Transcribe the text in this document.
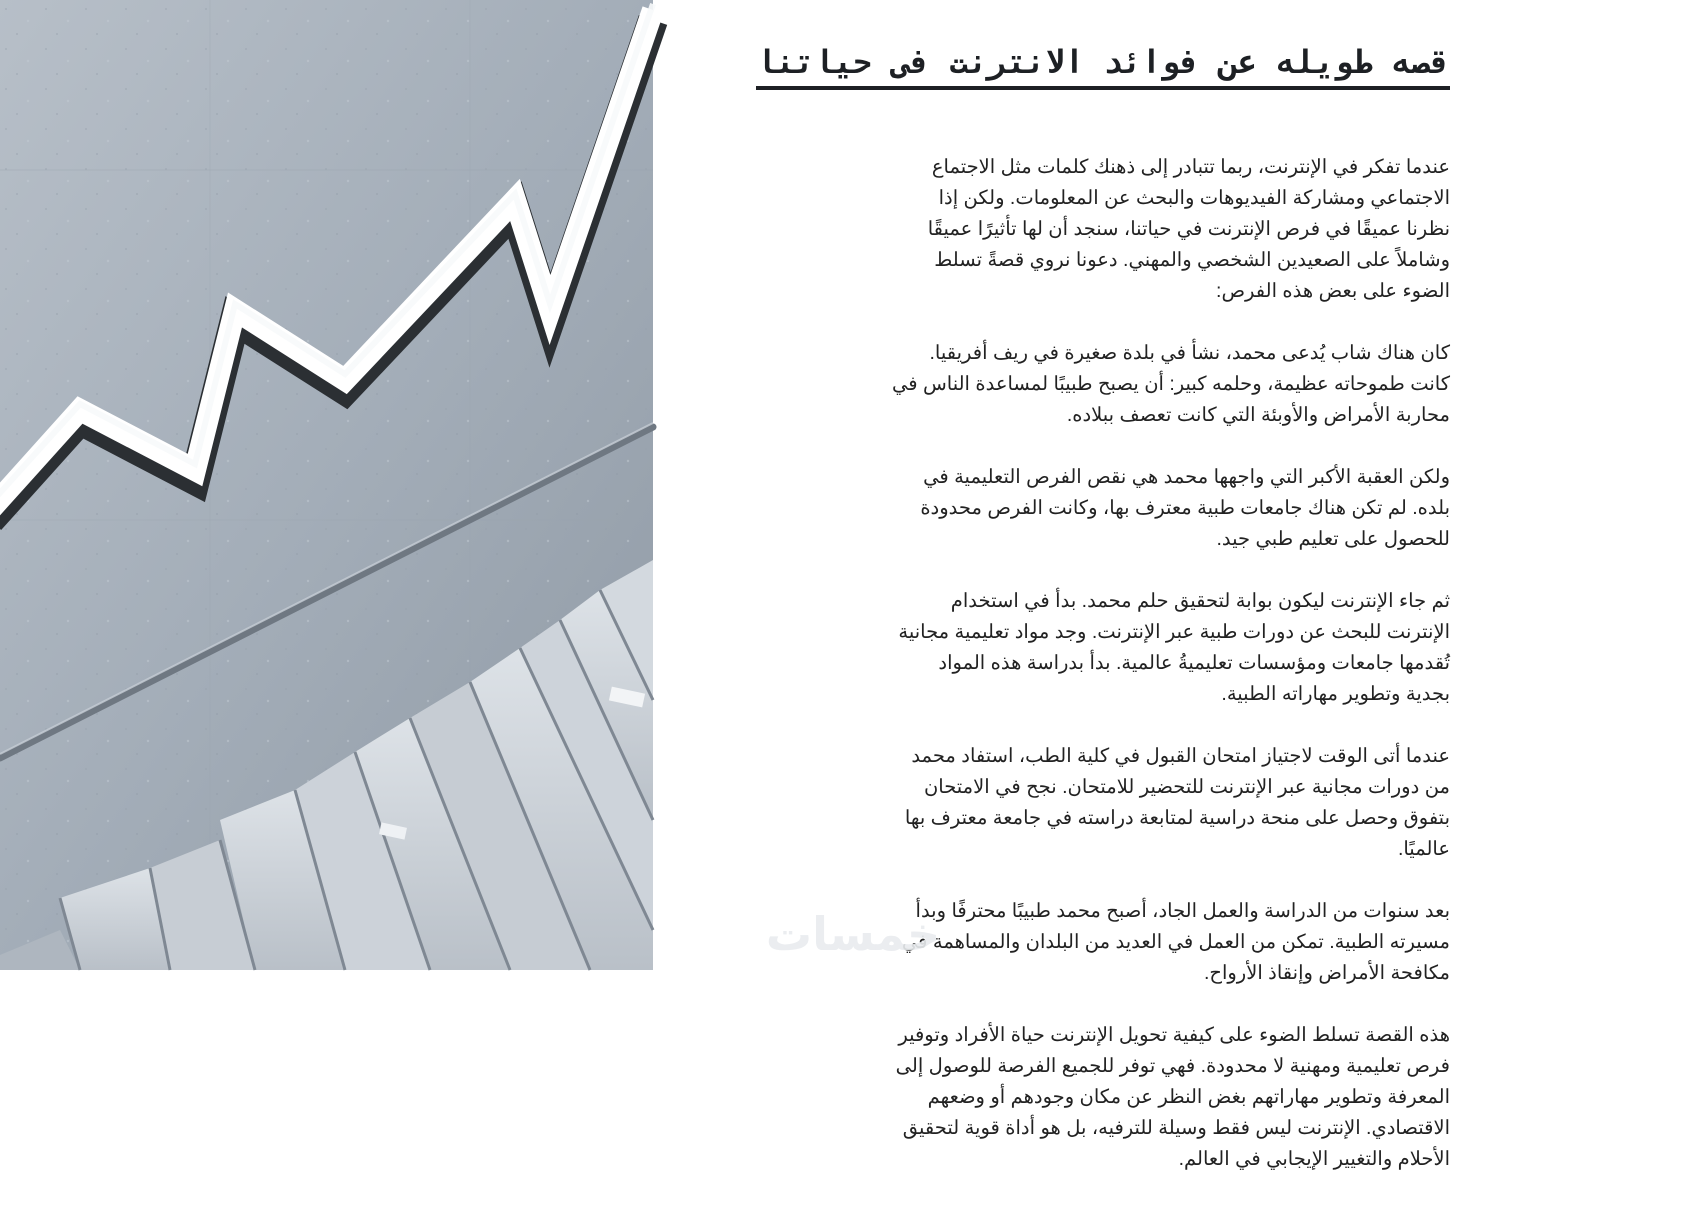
قصه طويله عن فوائد الانترنت فى حياتنا

عندما تفكر في الإنترنت، ربما تتبادر إلى ذهنك كلمات مثل الاجتماع الاجتماعي ومشاركة الفيديوهات والبحث عن المعلومات. ولكن إذا نظرنا عميقًا في فرص الإنترنت في حياتنا، سنجد أن لها تأثيرًا عميقًا وشاملاً على الصعيدين الشخصي والمهني. دعونا نروي قصةً تسلط الضوء على بعض هذه الفرص:

كان هناك شاب يُدعى محمد، نشأ في بلدة صغيرة في ريف أفريقيا. كانت طموحاته عظيمة، وحلمه كبير: أن يصبح طبيبًا لمساعدة الناس في محاربة الأمراض والأوبئة التي كانت تعصف ببلاده.

ولكن العقبة الأكبر التي واجهها محمد هي نقص الفرص التعليمية في بلده. لم تكن هناك جامعات طبية معترف بها، وكانت الفرص محدودة للحصول على تعليم طبي جيد.

ثم جاء الإنترنت ليكون بوابة لتحقيق حلم محمد. بدأ في استخدام الإنترنت للبحث عن دورات طبية عبر الإنترنت. وجد مواد تعليمية مجانية تُقدمها جامعات ومؤسسات تعليميةُ عالمية. بدأ بدراسة هذه المواد بجدية وتطوير مهاراته الطبية.

عندما أتى الوقت لاجتياز امتحان القبول في كلية الطب، استفاد محمد من دورات مجانية عبر الإنترنت للتحضير للامتحان. نجح في الامتحان بتفوق وحصل على منحة دراسية لمتابعة دراسته في جامعة معترف بها عالميًا.

بعد سنوات من الدراسة والعمل الجاد، أصبح محمد طبيبًا محترفًا وبدأ مسيرته الطبية. تمكن من العمل في العديد من البلدان والمساهمة في مكافحة الأمراض وإنقاذ الأرواح.

هذه القصة تسلط الضوء على كيفية تحويل الإنترنت حياة الأفراد وتوفير فرص تعليمية ومهنية لا محدودة. فهي توفر للجميع الفرصة للوصول إلى المعرفة وتطوير مهاراتهم بغض النظر عن مكان وجودهم أو وضعهم الاقتصادي. الإنترنت ليس فقط وسيلة للترفيه، بل هو أداة قوية لتحقيق الأحلام والتغيير الإيجابي في العالم.

خمسات
